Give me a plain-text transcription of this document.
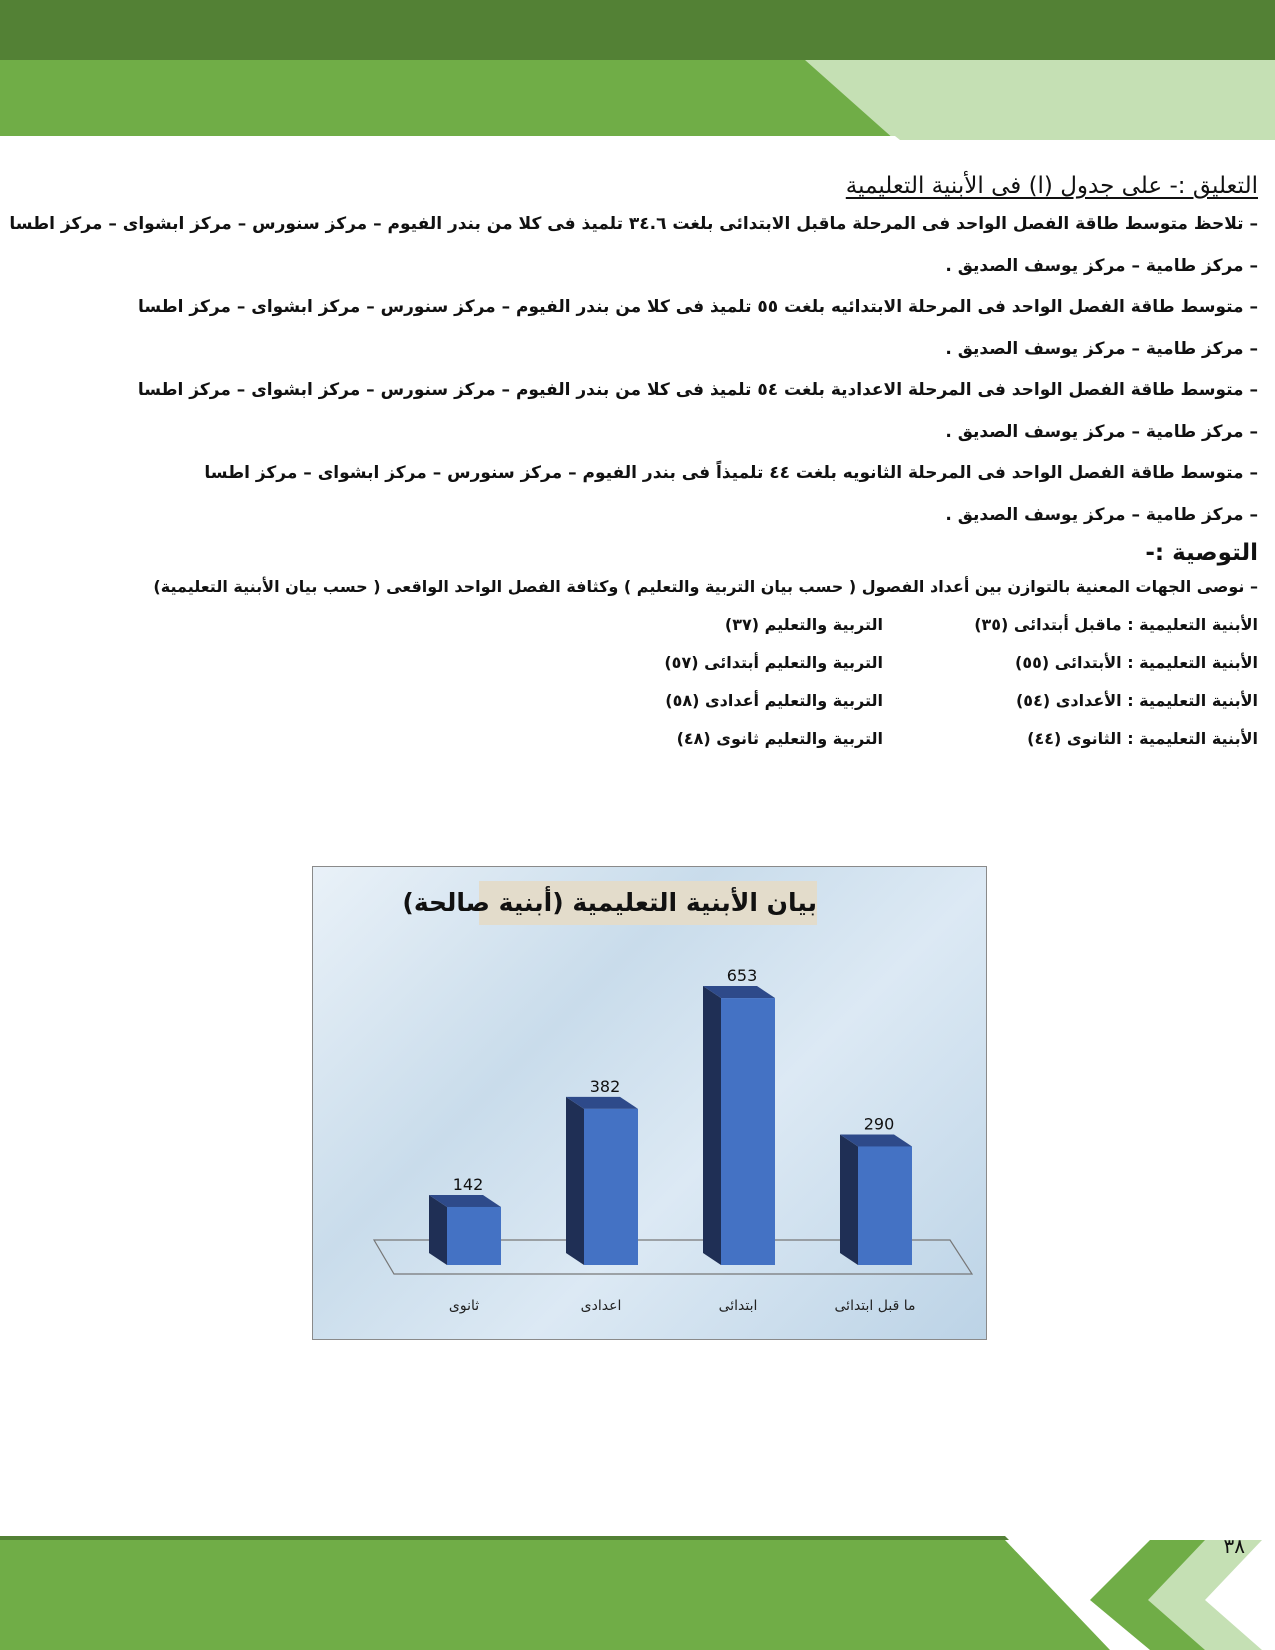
التعليق :- على جدول (ا) فى الأبنية التعليمية
– تلاحظ متوسط طاقة الفصل الواحد فى المرحلة ماقبل الابتدائى بلغت ٣٤.٦ تلميذ فى كلا من بندر الفيوم – مركز سنورس – مركز ابشواى – مركز اطسا
– مركز طامية – مركز يوسف الصديق .
– متوسط طاقة الفصل الواحد فى المرحلة الابتدائيه بلغت ٥٥ تلميذ فى كلا من بندر الفيوم – مركز سنورس – مركز ابشواى – مركز اطسا
– مركز طامية – مركز يوسف الصديق .
– متوسط طاقة الفصل الواحد فى المرحلة الاعدادية بلغت ٥٤ تلميذ فى كلا من بندر الفيوم – مركز سنورس – مركز ابشواى – مركز اطسا
– مركز طامية – مركز يوسف الصديق .
– متوسط طاقة الفصل الواحد فى المرحلة الثانويه بلغت ٤٤ تلميذاً فى بندر الفيوم – مركز سنورس – مركز ابشواى – مركز اطسا
– مركز طامية – مركز يوسف الصديق .
التوصية :-
– نوصى الجهات المعنية بالتوازن بين أعداد الفصول ( حسب بيان التربية والتعليم ) وكثافة الفصل الواحد الواقعى ( حسب بيان الأبنية التعليمية)
الأبنية التعليمية : ماقبل أبتدائى (٣٥)
التربية والتعليم (٣٧)
الأبنية التعليمية : الأبتدائى (٥٥)
التربية والتعليم أبتدائى (٥٧)
الأبنية التعليمية : الأعدادى (٥٤)
التربية والتعليم أعدادى (٥٨)
الأبنية التعليمية : الثانوى (٤٤)
التربية والتعليم ثانوى (٤٨)
142
ثانوى
382
اعدادى
653
ابتدائى
290
ما قبل ابتدائى
بيان الأبنية التعليمية (أبنية صالحة)
٣٨
